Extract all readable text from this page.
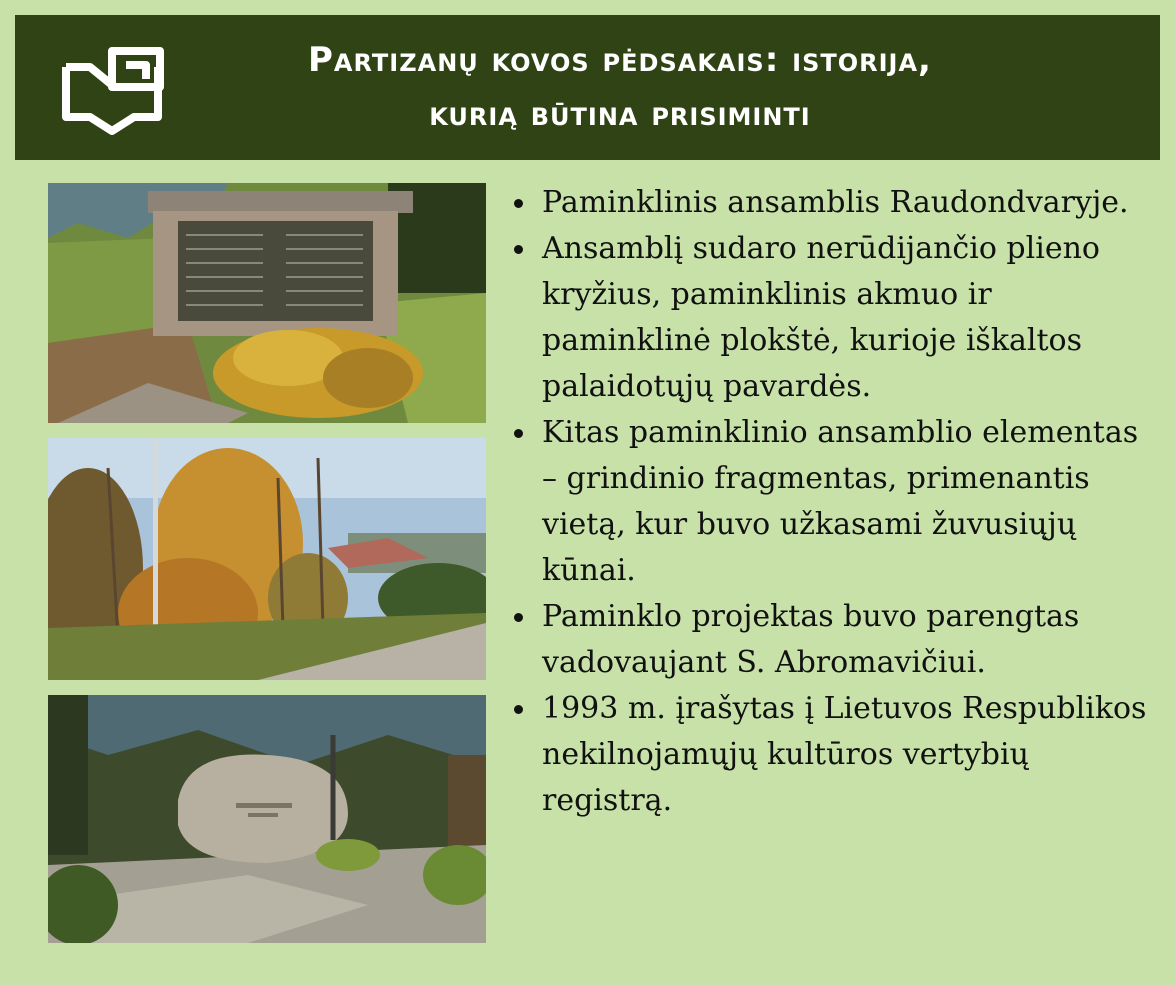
Partizanų kovos pėdsakais: istorija,
kurią būtina prisiminti
Paminklinis ansamblis Raudondvaryje.
Ansamblį sudaro nerūdijančio plieno kryžius, paminklinis akmuo ir paminklinė plokštė, kurioje iškaltos palaidotųjų pavardės.
Kitas paminklinio ansamblio elementas – grindinio fragmentas, primenantis vietą, kur buvo užkasami žuvusiųjų kūnai.
Paminklo projektas buvo parengtas vadovaujant S. Abromavičiui.
1993 m. įrašytas į Lietuvos Respublikos nekilnojamųjų kultūros vertybių registrą.
